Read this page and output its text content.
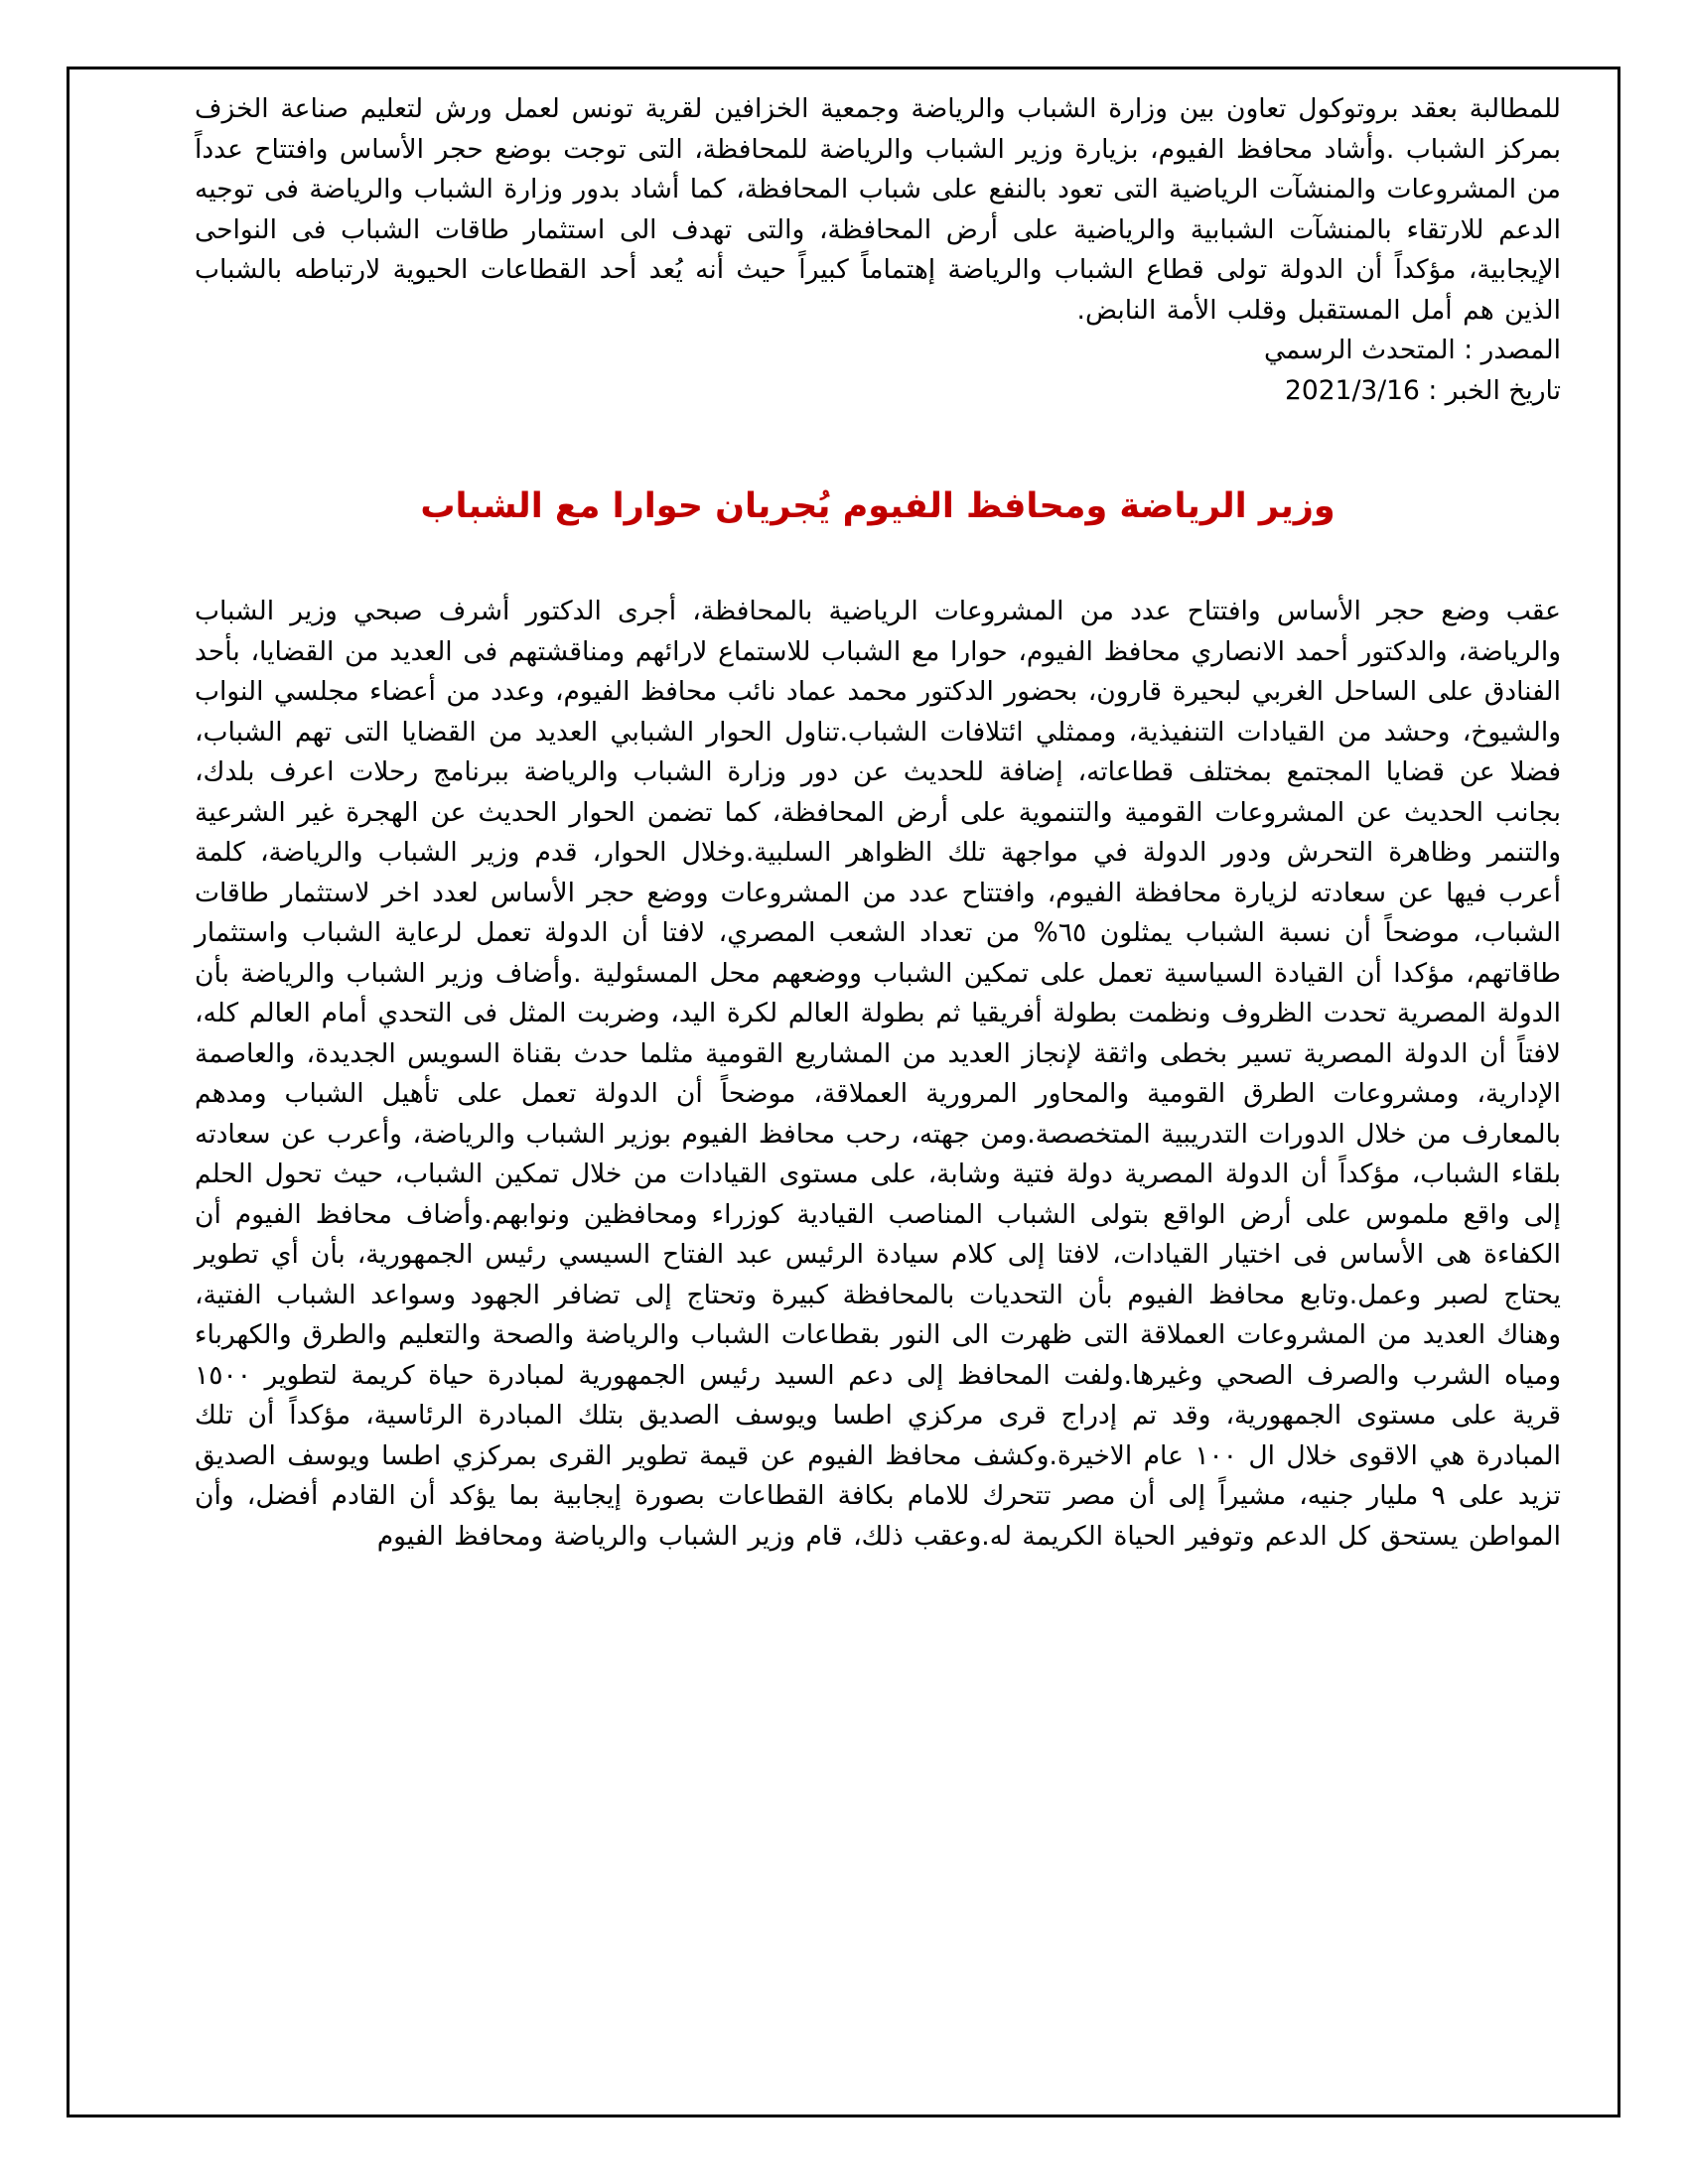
للمطالبة بعقد بروتوكول تعاون بين وزارة الشباب والرياضة وجمعية الخزافين لقرية تونس لعمل ورش لتعليم صناعة الخزف بمركز الشباب .وأشاد محافظ الفيوم، بزيارة وزير الشباب والرياضة للمحافظة، التى توجت بوضع حجر الأساس وافتتاح عدداً من المشروعات والمنشآت الرياضية التى تعود بالنفع على شباب المحافظة، كما أشاد بدور وزارة الشباب والرياضة فى توجيه الدعم للارتقاء بالمنشآت الشبابية والرياضية على أرض المحافظة، والتى تهدف الى استثمار طاقات الشباب فى النواحى الإيجابية، مؤكداً أن الدولة تولى قطاع الشباب والرياضة إهتماماً كبيراً حيث أنه يُعد أحد القطاعات الحيوية لارتباطه بالشباب الذين هم أمل المستقبل وقلب الأمة النابض.

المصدر : المتحدث الرسمي

تاريخ الخبر : 2021/3/16

وزير الرياضة ومحافظ الفيوم يُجريان حوارا مع الشباب

عقب وضع حجر الأساس وافتتاح عدد من المشروعات الرياضية بالمحافظة، أجرى الدكتور أشرف صبحي وزير الشباب والرياضة، والدكتور أحمد الانصاري محافظ الفيوم، حوارا مع الشباب للاستماع لارائهم ومناقشتهم فى العديد من القضايا، بأحد الفنادق على الساحل الغربي لبحيرة قارون، بحضور الدكتور محمد عماد نائب محافظ الفيوم، وعدد من أعضاء مجلسي النواب والشيوخ، وحشد من القيادات التنفيذية، وممثلي ائتلافات الشباب.تناول الحوار الشبابي العديد من القضايا التى تهم الشباب، فضلا عن قضايا المجتمع بمختلف قطاعاته، إضافة للحديث عن دور وزارة الشباب والرياضة ببرنامج رحلات اعرف بلدك، بجانب الحديث عن المشروعات القومية والتنموية على أرض المحافظة، كما تضمن الحوار الحديث عن الهجرة غير الشرعية والتنمر وظاهرة التحرش ودور الدولة في مواجهة تلك الظواهر السلبية.وخلال الحوار، قدم وزير الشباب والرياضة، كلمة أعرب فيها عن سعادته لزيارة محافظة الفيوم، وافتتاح عدد من المشروعات ووضع حجر الأساس لعدد اخر لاستثمار طاقات الشباب، موضحاً أن نسبة الشباب يمثلون ٦٥% من تعداد الشعب المصري، لافتا أن الدولة تعمل لرعاية الشباب واستثمار طاقاتهم، مؤكدا أن القيادة السياسية تعمل على تمكين الشباب ووضعهم محل المسئولية .وأضاف وزير الشباب والرياضة بأن الدولة المصرية تحدت الظروف ونظمت بطولة أفريقيا ثم بطولة العالم لكرة اليد، وضربت المثل فى التحدي أمام العالم كله، لافتاً أن الدولة المصرية تسير بخطى واثقة لإنجاز العديد من المشاريع القومية مثلما حدث بقناة السويس الجديدة، والعاصمة الإدارية، ومشروعات الطرق القومية والمحاور المرورية العملاقة، موضحاً أن الدولة تعمل على تأهيل الشباب ومدهم بالمعارف من خلال الدورات التدريبية المتخصصة.ومن جهته، رحب محافظ الفيوم بوزير الشباب والرياضة، وأعرب عن سعادته بلقاء الشباب، مؤكداً أن الدولة المصرية دولة فتية وشابة، على مستوى القيادات من خلال تمكين الشباب، حيث تحول الحلم إلى واقع ملموس على أرض الواقع بتولى الشباب المناصب القيادية كوزراء ومحافظين ونوابهم.وأضاف محافظ الفيوم أن الكفاءة هى الأساس فى اختيار القيادات، لافتا إلى كلام سيادة الرئيس عبد الفتاح السيسي رئيس الجمهورية، بأن أي تطوير يحتاج لصبر وعمل.وتابع محافظ الفيوم بأن التحديات بالمحافظة كبيرة وتحتاج إلى تضافر الجهود وسواعد الشباب الفتية، وهناك العديد من المشروعات العملاقة التى ظهرت الى النور بقطاعات الشباب والرياضة والصحة والتعليم والطرق والكهرباء ومياه الشرب والصرف الصحي وغيرها.ولفت المحافظ إلى دعم السيد رئيس الجمهورية لمبادرة حياة كريمة لتطوير ١٥٠٠ قرية على مستوى الجمهورية، وقد تم إدراج قرى مركزي اطسا ويوسف الصديق بتلك المبادرة الرئاسية، مؤكداً أن تلك المبادرة هي الاقوى خلال ال ١٠٠ عام الاخيرة.وكشف محافظ الفيوم عن قيمة تطوير القرى بمركزي اطسا ويوسف الصديق تزيد على ٩ مليار جنيه، مشيراً إلى أن مصر تتحرك للامام بكافة القطاعات بصورة إيجابية بما يؤكد أن القادم أفضل، وأن المواطن يستحق كل الدعم وتوفير الحياة الكريمة له.وعقب ذلك، قام وزير الشباب والرياضة ومحافظ الفيوم
